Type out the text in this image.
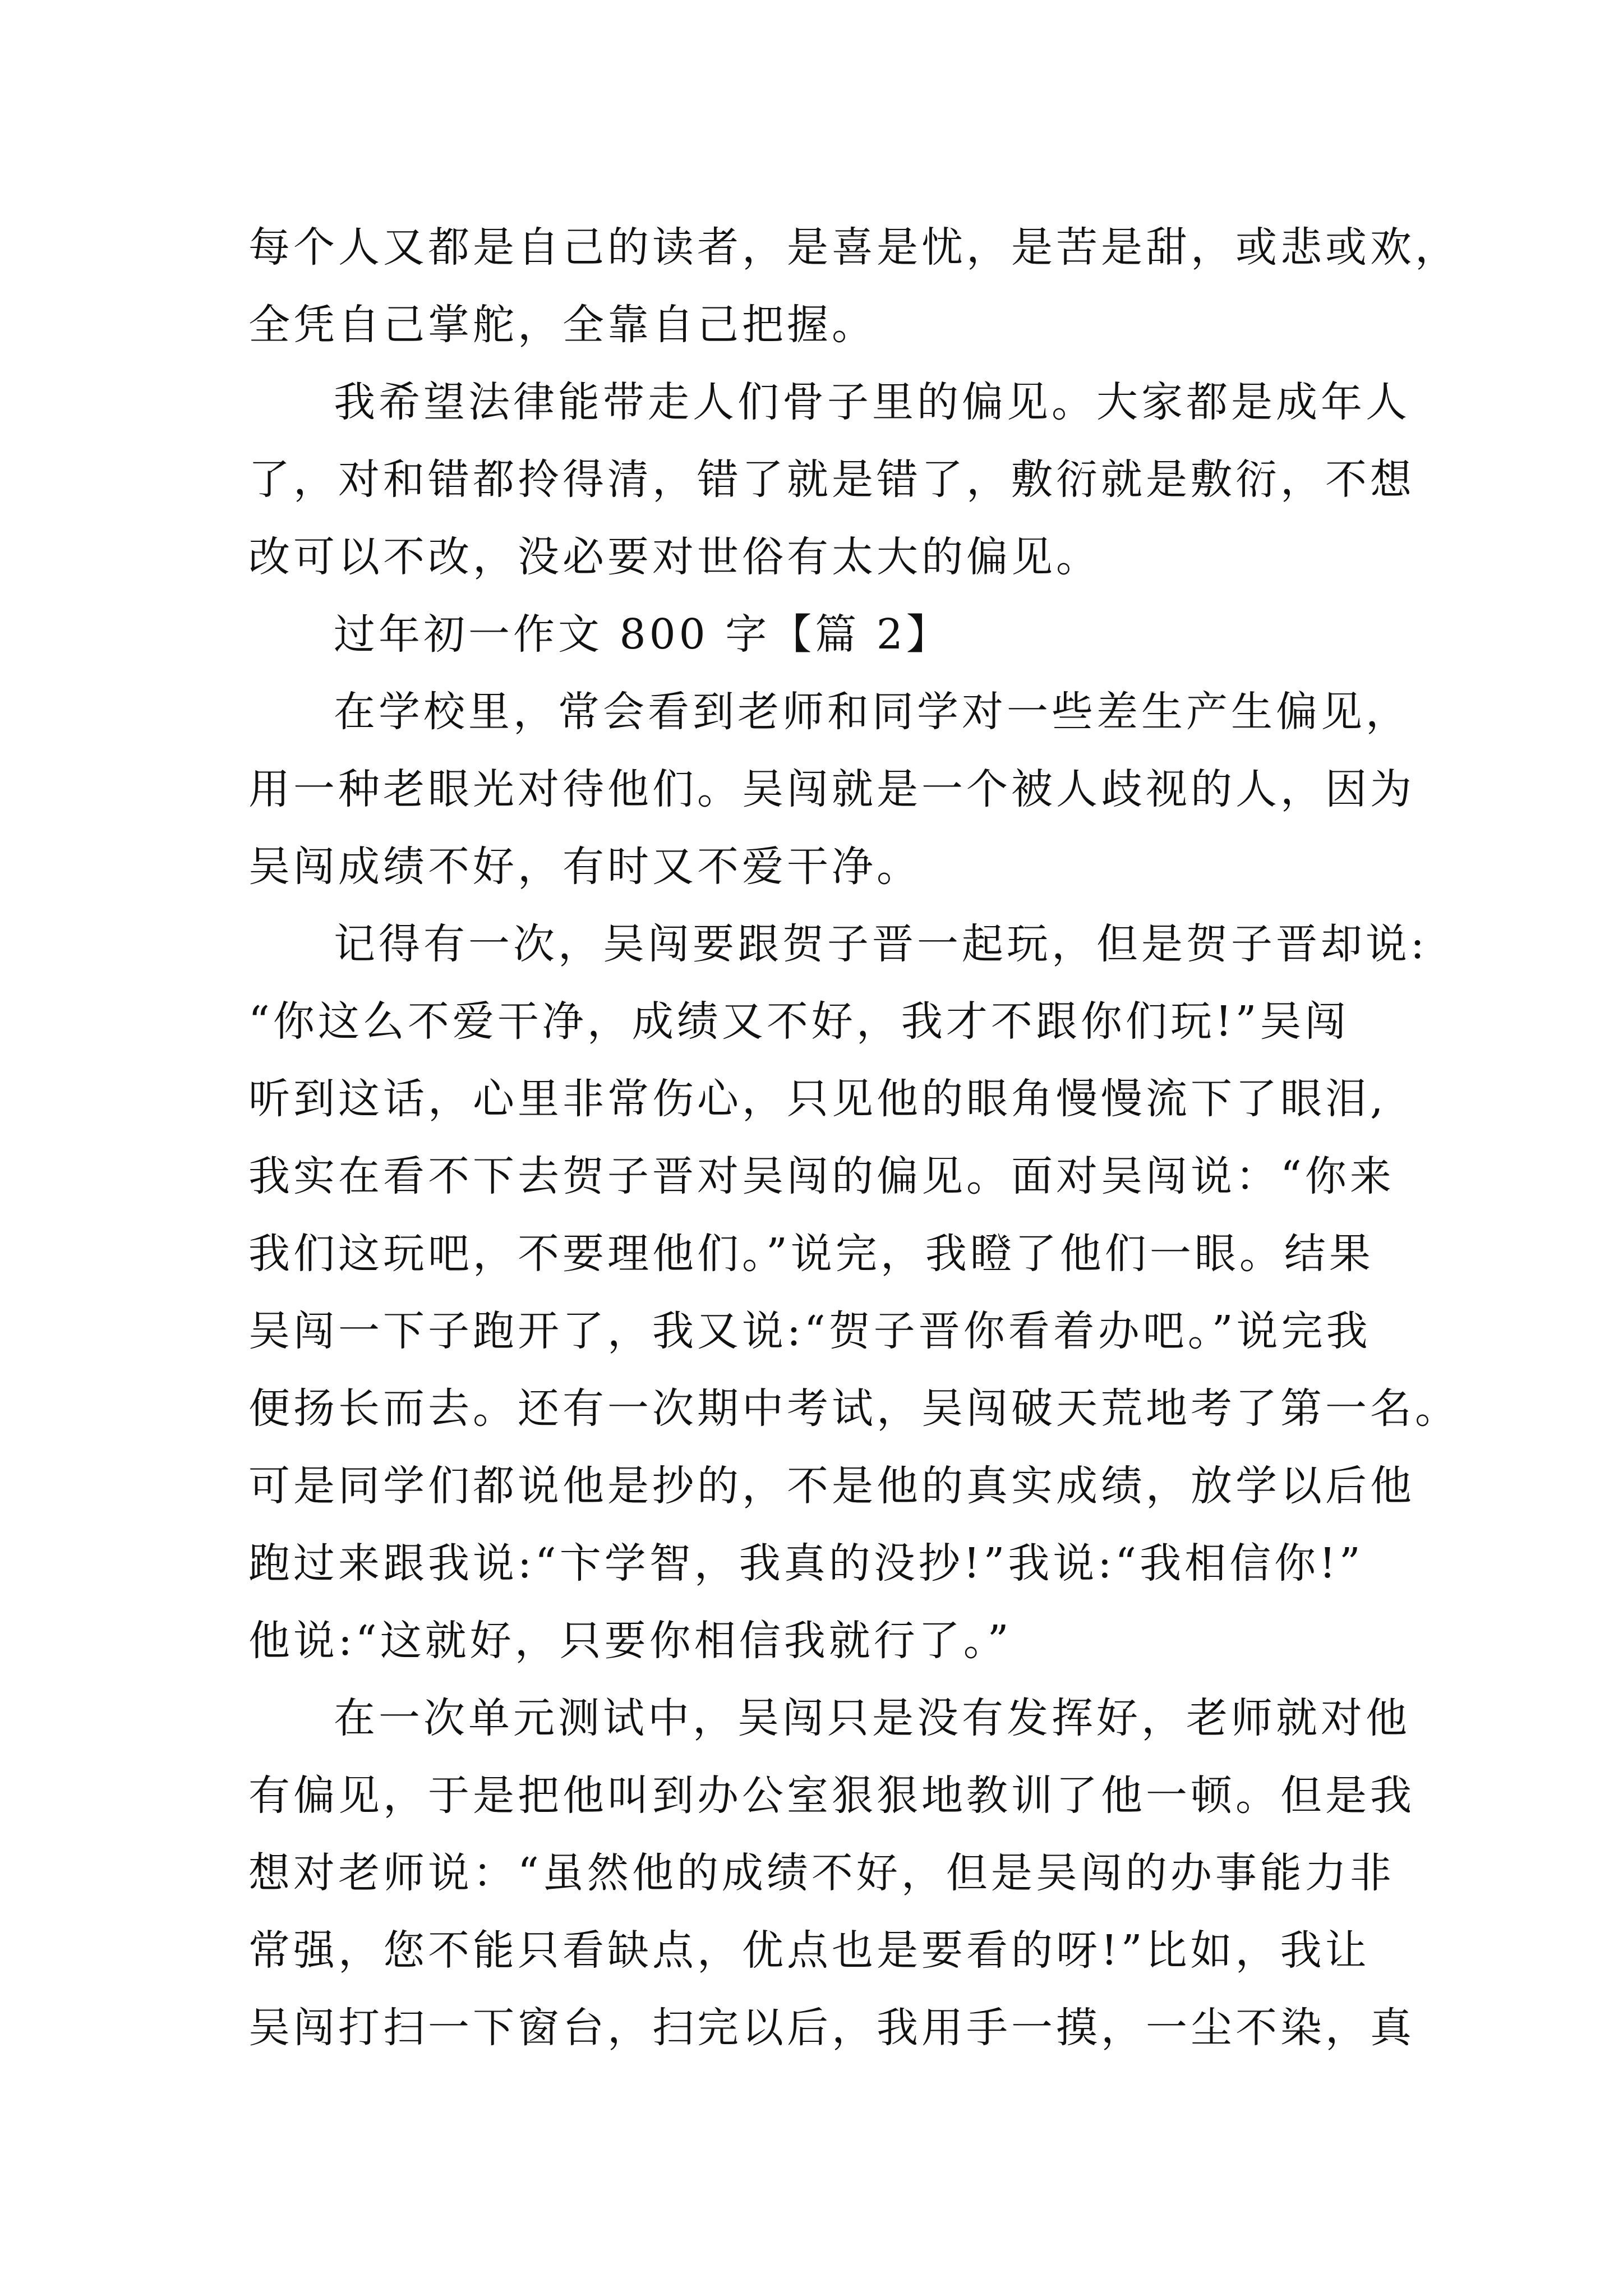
每个人又都是自己的读者，是喜是忧，是苦是甜，或悲或欢，
全凭自己掌舵，全靠自己把握。
我希望法律能带走人们骨子里的偏见。大家都是成年人
了，对和错都拎得清，错了就是错了，敷衍就是敷衍，不想
改可以不改，没必要对世俗有太大的偏见。
过年初一作文 800 字【篇 2】
在学校里，常会看到老师和同学对一些差生产生偏见，
用一种老眼光对待他们。吴闯就是一个被人歧视的人，因为
吴闯成绩不好，有时又不爱干净。
记得有一次，吴闯要跟贺子晋一起玩，但是贺子晋却说:
“你这么不爱干净，成绩又不好，我才不跟你们玩!”吴闯
听到这话，心里非常伤心，只见他的眼角慢慢流下了眼泪,
我实在看不下去贺子晋对吴闯的偏见。面对吴闯说：“你来
我们这玩吧，不要理他们。”说完，我瞪了他们一眼。结果
吴闯一下子跑开了，我又说:“贺子晋你看着办吧。”说完我
便扬长而去。还有一次期中考试，吴闯破天荒地考了第一名。
可是同学们都说他是抄的，不是他的真实成绩，放学以后他
跑过来跟我说:“卞学智，我真的没抄!”我说:“我相信你!”
他说:“这就好，只要你相信我就行了。”
在一次单元测试中，吴闯只是没有发挥好，老师就对他
有偏见，于是把他叫到办公室狠狠地教训了他一顿。但是我
想对老师说：“虽然他的成绩不好，但是吴闯的办事能力非
常强，您不能只看缺点，优点也是要看的呀!”比如，我让
吴闯打扫一下窗台，扫完以后，我用手一摸，一尘不染，真
